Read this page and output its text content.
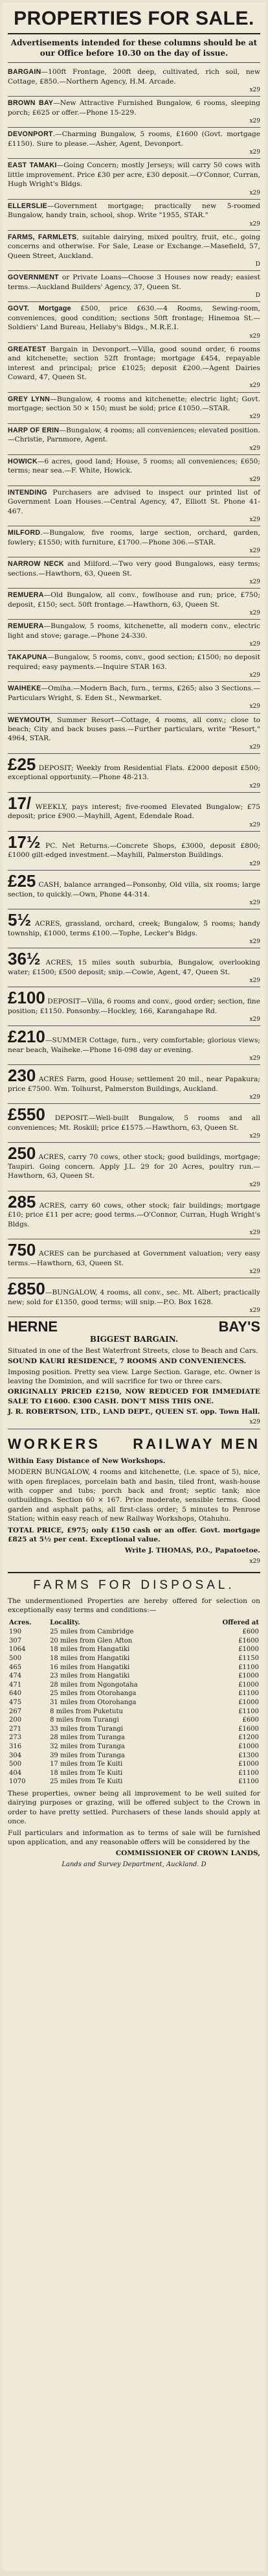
PROPERTIES FOR SALE.
Advertisements intended for these columns should be at our Office before 10.30 on the day of issue.

BARGAIN—100ft Frontage, 200ft deep, cultivated, rich soil, new Cottage, £850.—Northern Agency, H.M. Arcade.
x29

BROWN BAY—New Attractive Furnished Bungalow, 6 rooms, sleeping porch; £625 or offer.—Phone 15-229.
x29

DEVONPORT.—Charming Bungalow, 5 rooms, £1600 (Govt. mortgage £1150). Sure to please.—Asher, Agent, Devonport.
x29

EAST TAMAKI—Going Concern; mostly Jerseys; will carry 50 cows with little improvement. Price £30 per acre, £30 deposit.—O'Connor, Curran, Hugh Wright's Bldgs.
x29

ELLERSLIE—Government mortgage; practically new 5-roomed Bungalow, handy train, school, shop. Write "1955, STAR."
x29

FARMS, FARMLETS, suitable dairying, mixed poultry, fruit, etc., going concerns and otherwise. For Sale, Lease or Exchange.—Masefield, 57, Queen Street, Auckland.
D

GOVERNMENT or Private Loans—Choose 3 Houses now ready; easiest terms.—Auckland Builders' Agency, 37, Queen St.
D

GOVT. Mortgage £500, price £630.—4 Rooms, Sewing-room, conveniences, good condition; sections 50ft frontage; Hinemoa St.—Soldiers' Land Bureau, Hellaby's Bldgs., M.R.E.I.
x29

GREATEST Bargain in Devonport.—Villa, good sound order, 6 rooms and kitchenette; section 52ft frontage; mortgage £454, repayable interest and principal; price £1025; deposit £200.—Agent Dairies Coward, 47, Queen St.
x29

GREY LYNN—Bungalow, 4 rooms and kitchenette; electric light; Govt. mortgage; section 50 × 150; must be sold; price £1050.—STAR.
x29

HARP OF ERIN—Bungalow, 4 rooms; all conveniences; elevated position.—Christie, Parnmore, Agent.
x29

HOWICK—6 acres, good land; House, 5 rooms; all conveniences; £650; terms; near sea.—F. White, Howick.
x29

INTENDING Purchasers are advised to inspect our printed list of Government Loan Houses.—Central Agency, 47, Elliott St. Phone 41-467.
x29

MILFORD.—Bungalow, five rooms, large section, orchard, garden, fowlery; £1550; with furniture, £1700.—Phone 306.—STAR.
x29

NARROW NECK and Milford.—Two very good Bungalows, easy terms; sections.—Hawthorn, 63, Queen St.
x29

REMUERA—Old Bungalow, all conv., fowlhouse and run; price, £750; deposit, £150; sect. 50ft frontage.—Hawthorn, 63, Queen St.
x29

REMUERA—Bungalow, 5 rooms, kitchenette, all modern conv., electric light and stove; garage.—Phone 24-330.
x29

TAKAPUNA—Bungalow, 5 rooms, conv., good section; £1500; no deposit required; easy payments.—Inquire STAR 163.
x29

WAIHEKE—Omiha.—Modern Bach, furn., terms, £265; also 3 Sections.—Particulars Wright, S. Eden St., Newmarket.
x29

WEYMOUTH, Summer Resort—Cottage, 4 rooms, all conv.; close to beach; City and back buses pass.—Further particulars, write "Resort," 4964, STAR.
x29

£25 DEPOSIT; Weekly from Residential Flats. £2000 deposit £500; exceptional opportunity.—Phone 48-213.
x29

17/ WEEKLY, pays interest; five-roomed Elevated Bungalow; £75 deposit; price £900.—Mayhill, Agent, Edendale Road.
x29

17½ PC. Net Returns.—Concrete Shops, £3000, deposit £800; £1000 gilt-edged investment.—Mayhill, Palmerston Buildings.
x29

£25 CASH, balance arranged—Ponsonby, Old villa, six rooms; large section, to quickly.—Own, Phone 44-314.
x29

5½ ACRES, grassland, orchard, creek; Bungalow, 5 rooms; handy township, £1000, terms £100.—Tophe, Lecker's Bldgs.
x29

36½ ACRES, 15 miles south suburbia, Bungalow, overlooking water; £1500; £500 deposit; snip.—Cowie, Agent, 47, Queen St.
x29

£100 DEPOSIT—Villa, 6 rooms and conv., good order; section, fine position; £1150. Ponsonby.—Hockley, 166, Karangahape Rd.
x29

£210—SUMMER Cottage, furn., very comfortable; glorious views; near beach, Waiheke.—Phone 16-098 day or evening.
x29

230 ACRES Farm, good House; settlement 20 mil., near Papakura; price £7500. Wm. Tolhurst, Palmerston Buildings, Auckland.
x29

£550 DEPOSIT.—Well-built Bungalow, 5 rooms and all conveniences; Mt. Roskill; price £1575.—Hawthorn, 63, Queen St.
x29

250 ACRES, carry 70 cows, other stock; good buildings, mortgage; Taupiri. Going concern. Apply J.L. 29 for 20 Acres, poultry run.—Hawthorn, 63, Queen St.
x29

285 ACRES, carry 60 cows, other stock; fair buildings; mortgage £10; price £11 per acre; good terms.—O'Connor, Curran, Hugh Wright's Bldgs.
x29

750 ACRES can be purchased at Government valuation; very easy terms.—Hawthorn, 63, Queen St.
x29

£850—BUNGALOW, 4 rooms, all conv., sec. Mt. Albert; practically new; sold for £1350, good terms; will snip.—P.O. Box 1628.
x29

HERNE	BAY'S
BIGGEST BARGAIN.

Situated in one of the Best Waterfront Streets, close to Beach and Cars.

SOUND KAURI RESIDENCE, 7 ROOMS AND CONVENIENCES.

Imposing position. Pretty sea view. Large Section. Garage, etc. Owner is leaving the Dominion, and will sacrifice for two or three cars.

ORIGINALLY PRICED £2150, NOW REDUCED FOR IMMEDIATE SALE TO £1600. £300 CASH. DON'T MISS THIS ONE.

J. R. ROBERTSON, LTD., LAND DEPT., QUEEN ST. opp. Town Hall.

x29
WORKERS RAILWAY MEN

Within Easy Distance of New Workshops.

MODERN BUNGALOW, 4 rooms and kitchenette, (i.e. space of 5), nice, with open fireplaces, porcelain bath and basin, tiled front, wash-house with copper and tubs; porch back and front; septic tank; nice outbuildings. Section 60 × 167. Price moderate, sensible terms. Good garden and asphalt paths, all first-class order; 5 minutes to Penrose Station; within easy reach of new Railway Workshops, Otahuhu.

TOTAL PRICE, £975; only £150 cash or an offer. Govt. mortgage £825 at 5½ per cent. Exceptional value.

Write J. THOMAS, P.O., Papatoetoe.

x29
FARMS FOR DISPOSAL.

The undermentioned Properties are hereby offered for selection on exceptionally easy terms and conditions:—

Acres.	Locality.	Offered at
190	25 miles from Cambridge	£600
307	20 miles from Glen Afton	£1600
1064	18 miles from Hangatiki	£1000
500	18 miles from Hangatiki	£1150
465	16 miles from Hangatiki	£1100
474	23 miles from Hangatiki	£1000
471	28 miles from Ngongotaha	£1000
640	25 miles from Otorohanga	£1100
475	31 miles from Otorohanga	£1000
267	8 miles from Puketutu	£1100
200	8 miles from Turangi	£600
271	33 miles from Turangi	£1600
273	28 miles from Turanga	£1200
316	32 miles from Turanga	£1000
304	39 miles from Turanga	£1300
500	17 miles from Te Kuiti	£1000
404	18 miles from Te Kuiti	£1100
1070	25 miles from Te Kuiti	£1100

These properties, owner being all improvement to be well suited for dairying purposes or grazing, will be offered subject to the Crown in order to have pretty settled. Purchasers of these lands should apply at once.

Full particulars and information as to terms of sale will be furnished upon application, and any reasonable offers will be considered by the

COMMISSIONER OF CROWN LANDS,

Lands and Survey Department, Auckland. D
